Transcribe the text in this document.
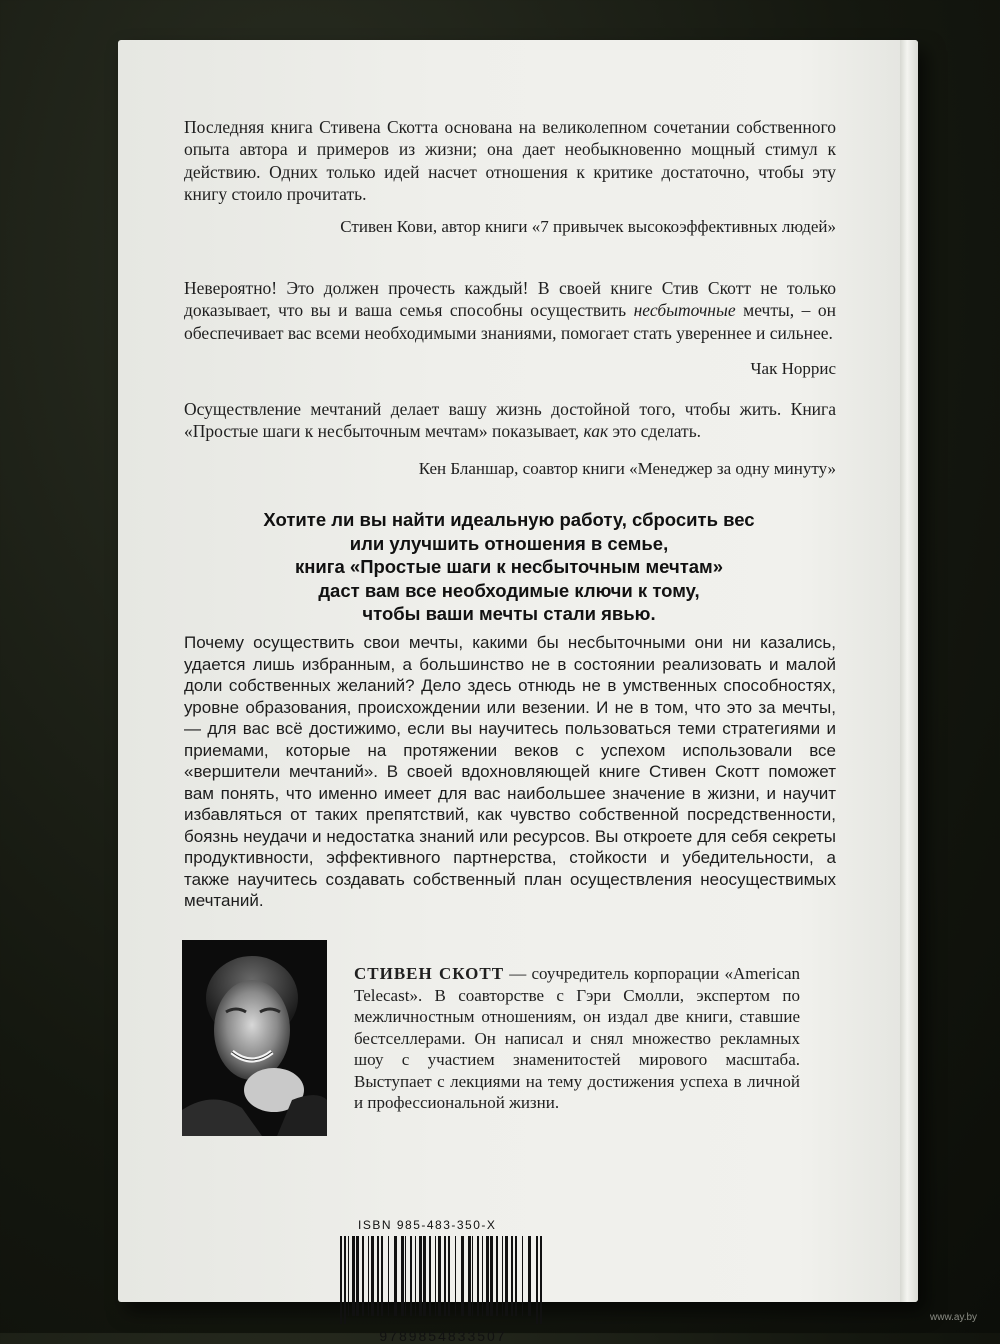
Последняя книга Стивена Скотта основана на великолепном сочетании собственного опыта автора и примеров из жизни; она дает необыкновенно мощный стимул к действию. Одних только идей насчет отношения к критике достаточно, чтобы эту книгу стоило прочитать.

Стивен Кови, автор книги «7 привычек высокоэффективных людей»

Невероятно! Это должен прочесть каждый! В своей книге Стив Скотт не только доказывает, что вы и ваша семья способны осуществить несбыточные мечты, – он обеспечивает вас всеми необходимыми знаниями, помогает стать увереннее и сильнее.

Чак Норрис

Осуществление мечтаний делает вашу жизнь достойной того, чтобы жить. Книга «Простые шаги к несбыточным мечтам» показывает, как это сделать.

Кен Бланшар, соавтор книги «Менеджер за одну минуту»

Хотите ли вы найти идеальную работу, сбросить вес

или улучшить отношения в семье,

книга «Простые шаги к несбыточным мечтам»

даст вам все необходимые ключи к тому,

чтобы ваши мечты стали явью.

Почему осуществить свои мечты, какими бы несбыточными они ни казались, удается лишь избранным, а большинство не в состоянии реализовать и малой доли собственных желаний? Дело здесь отнюдь не в умственных способностях, уровне образования, происхождении или везении. И не в том, что это за мечты, — для вас всё достижимо, если вы научитесь пользоваться теми стратегиями и приемами, которые на протяжении веков с успехом использовали все «вершители мечтаний». В своей вдохновляющей книге Стивен Скотт поможет вам понять, что именно имеет для вас наибольшее значение в жизни, и научит избавляться от таких препятствий, как чувство собственной посредственности, боязнь неудачи и недостатка знаний или ресурсов. Вы откроете для себя секреты продуктивности, эффективного партнерства, стойкости и убедительности, а также научитесь создавать собственный план осуществления неосуществимых мечтаний.

СТИВЕН СКОТТ — соучредитель корпорации «American Telecast». В соавторстве с Гэри Смолли, экспертом по межличностным отношениям, он издал две книги, ставшие бестселлерами. Он написал и снял множество рекламных шоу с участием знаменитостей мирового масштаба. Выступает с лекциями на тему достижения успеха в личной и профессиональной жизни.

ISBN 985-483-350-X
9789854833507
www.ay.by
